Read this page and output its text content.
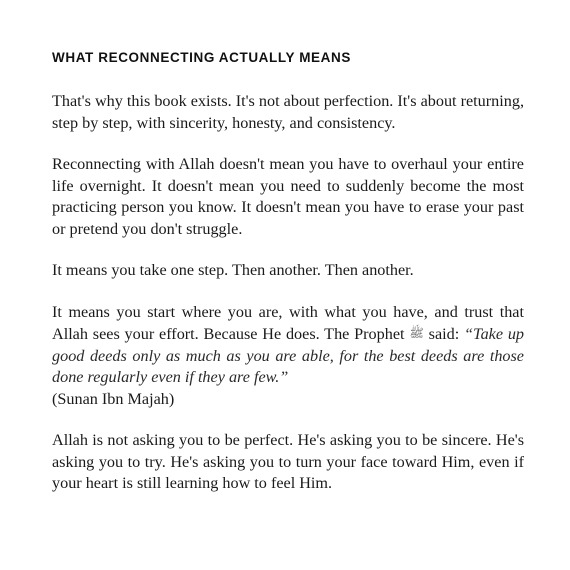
WHAT RECONNECTING ACTUALLY MEANS

That's why this book exists. It's not about perfection. It's about returning, step by step, with sincerity, honesty, and consistency.

Reconnecting with Allah doesn't mean you have to overhaul your entire life overnight. It doesn't mean you need to suddenly become the most practicing person you know. It doesn't mean you have to erase your past or pretend you don't struggle.

It means you take one step. Then another. Then another.

It means you start where you are, with what you have, and trust that Allah sees your effort. Because He does. The Prophet ﷺ said: “Take up good deeds only as much as you are able, for the best deeds are those done regularly even if they are few.”
(Sunan Ibn Majah)

Allah is not asking you to be perfect. He's asking you to be sincere. He's asking you to try. He's asking you to turn your face toward Him, even if your heart is still learning how to feel Him.
